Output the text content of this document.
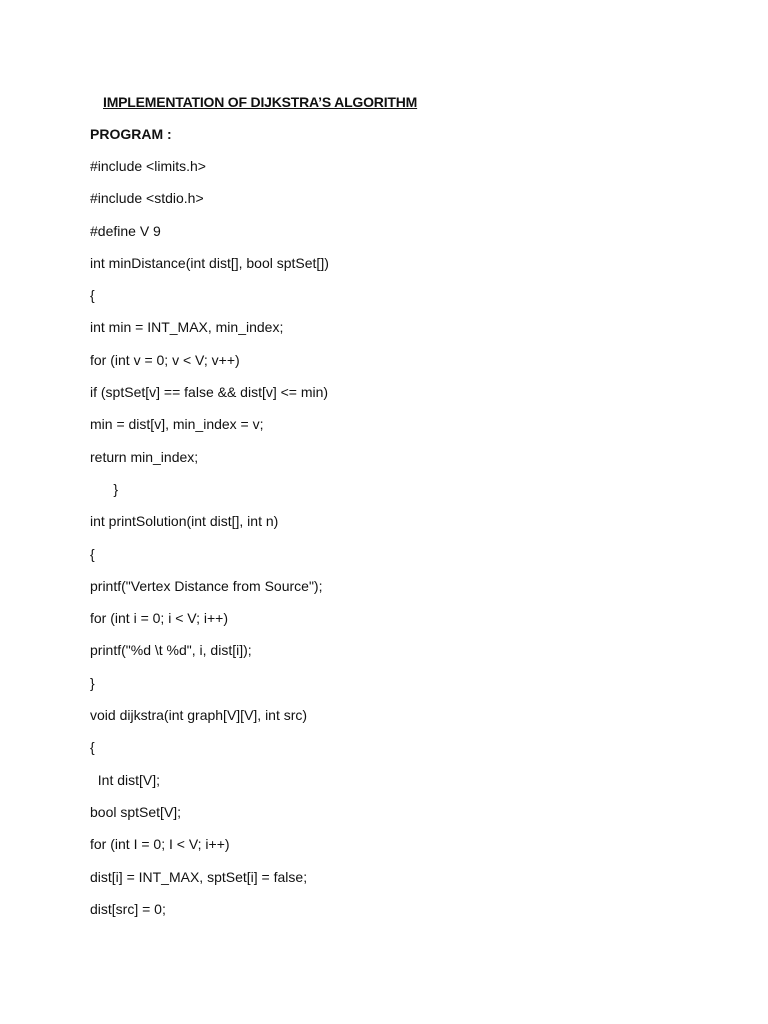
IMPLEMENTATION OF DIJKSTRA’S ALGORITHM
PROGRAM :
#include <limits.h>
#include <stdio.h>
#define V 9
int minDistance(int dist[], bool sptSet[])
{
int min = INT_MAX, min_index;
for (int v = 0; v < V; v++)
if (sptSet[v] == false && dist[v] <= min)
min = dist[v], min_index = v;
return min_index;
}
int printSolution(int dist[], int n)
{
printf("Vertex Distance from Source");
for (int i = 0; i < V; i++)
printf("%d \t %d", i, dist[i]);
}
void dijkstra(int graph[V][V], int src)
{
Int dist[V];
bool sptSet[V];
for (int I = 0; I < V; i++)
dist[i] = INT_MAX, sptSet[i] = false;
dist[src] = 0;
